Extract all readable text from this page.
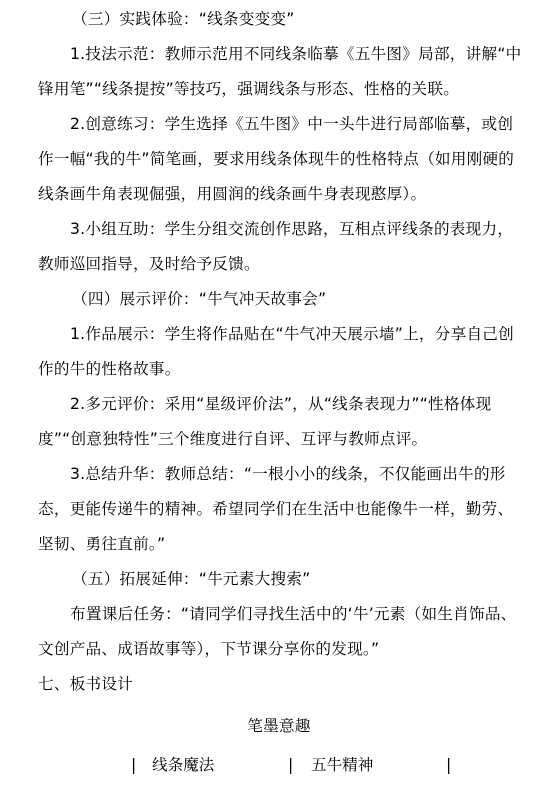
（三）实践体验：“线条变变变”
1.技法示范：教师示范用不同线条临摹《五牛图》局部，讲解“中
锋用笔”“线条提按”等技巧，强调线条与形态、性格的关联。
2.创意练习：学生选择《五牛图》中一头牛进行局部临摹，或创
作一幅“我的牛”简笔画，要求用线条体现牛的性格特点（如用刚硬的
线条画牛角表现倔强，用圆润的线条画牛身表现憨厚）。
3.小组互助：学生分组交流创作思路，互相点评线条的表现力，
教师巡回指导，及时给予反馈。
（四）展示评价：“牛气冲天故事会”
1.作品展示：学生将作品贴在“牛气冲天展示墙”上，分享自己创
作的牛的性格故事。
2.多元评价：采用“星级评价法”，从“线条表现力”“性格体现
度”“创意独特性”三个维度进行自评、互评与教师点评。
3.总结升华：教师总结：“一根小小的线条，不仅能画出牛的形
态，更能传递牛的精神。希望同学们在生活中也能像牛一样，勤劳、
坚韧、勇往直前。”
（五）拓展延伸：“牛元素大搜索”
布置课后任务：“请同学们寻找生活中的‘牛’元素（如生肖饰品、
文创产品、成语故事等），下节课分享你的发现。”
七、板书设计
笔墨意趣
| 线条魔法	| 五牛精神	|
